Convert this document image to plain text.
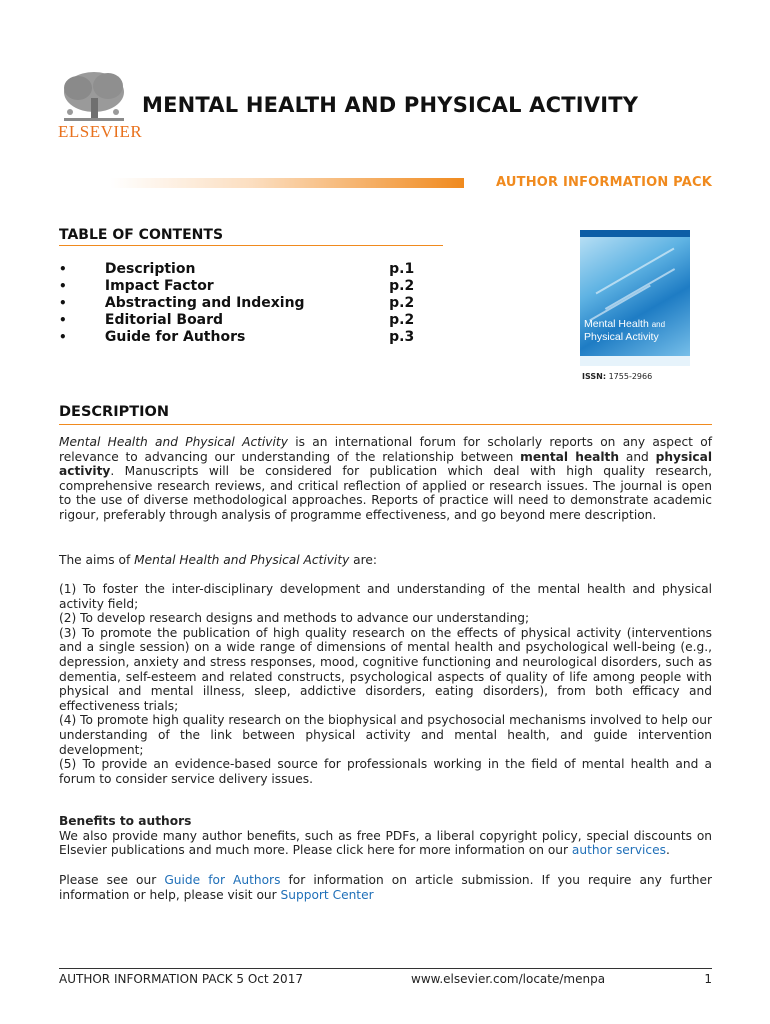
ELSEVIER
MENTAL HEALTH AND PHYSICAL ACTIVITY
AUTHOR INFORMATION PACK
TABLE OF CONTENTS
•	Description	p.1
•	Impact Factor	p.2
•	Abstracting and Indexing	p.2
•	Editorial Board	p.2
•	Guide for Authors	p.3
Mental Health and
Physical Activity
ISSN: 1755-2966
DESCRIPTION

Mental Health and Physical Activity is an international forum for scholarly reports on any aspect of relevance to advancing our understanding of the relationship between mental health and physical activity. Manuscripts will be considered for publication which deal with high quality research, comprehensive research reviews, and critical reflection of applied or research issues. The journal is open to the use of diverse methodological approaches. Reports of practice will need to demonstrate academic rigour, preferably through analysis of programme effectiveness, and go beyond mere description.

The aims of Mental Health and Physical Activity are:

(1) To foster the inter-disciplinary development and understanding of the mental health and physical activity field;
(2) To develop research designs and methods to advance our understanding;
(3) To promote the publication of high quality research on the effects of physical activity (interventions and a single session) on a wide range of dimensions of mental health and psychological well-being (e.g., depression, anxiety and stress responses, mood, cognitive functioning and neurological disorders, such as dementia, self-esteem and related constructs, psychological aspects of quality of life among people with physical and mental illness, sleep, addictive disorders, eating disorders), from both efficacy and effectiveness trials;
(4) To promote high quality research on the biophysical and psychosocial mechanisms involved to help our understanding of the link between physical activity and mental health, and guide intervention development;
(5) To provide an evidence-based source for professionals working in the field of mental health and a forum to consider service delivery issues.
Benefits to authors
We also provide many author benefits, such as free PDFs, a liberal copyright policy, special discounts on Elsevier publications and much more. Please click here for more information on our author services.

Please see our Guide for Authors for information on article submission. If you require any further information or help, please visit our Support Center

AUTHOR INFORMATION PACK 5 Oct 2017	www.elsevier.com/locate/menpa	1
